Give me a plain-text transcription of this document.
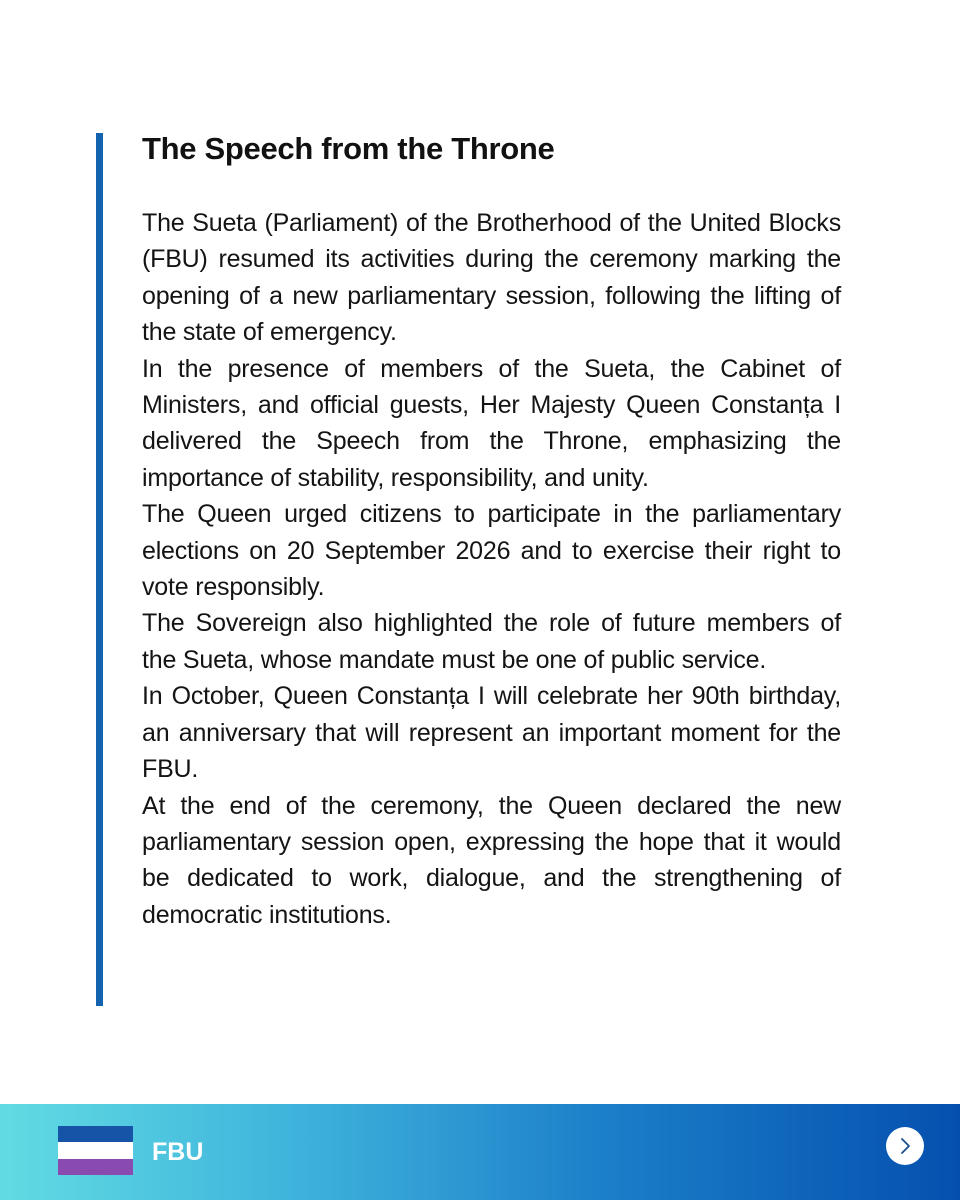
The Speech from the Throne

The Sueta (Parliament) of the Brotherhood of the United Blocks (FBU) resumed its activities during the ceremony marking the opening of a new parliamentary session, following the lifting of the state of emergency.

In the presence of members of the Sueta, the Cabinet of Ministers, and official guests, Her Majesty Queen Constanța I delivered the Speech from the Throne, emphasizing the importance of stability, responsibility, and unity.

The Queen urged citizens to participate in the parliamentary elections on 20 September 2026 and to exercise their right to vote responsibly.

The Sovereign also highlighted the role of future members of the Sueta, whose mandate must be one of public service.

In October, Queen Constanța I will celebrate her 90th birthday, an anniversary that will represent an important moment for the FBU.

At the end of the ceremony, the Queen declared the new parliamentary session open, expressing the hope that it would be dedicated to work, dialogue, and the strengthening of democratic institutions.

FBU
